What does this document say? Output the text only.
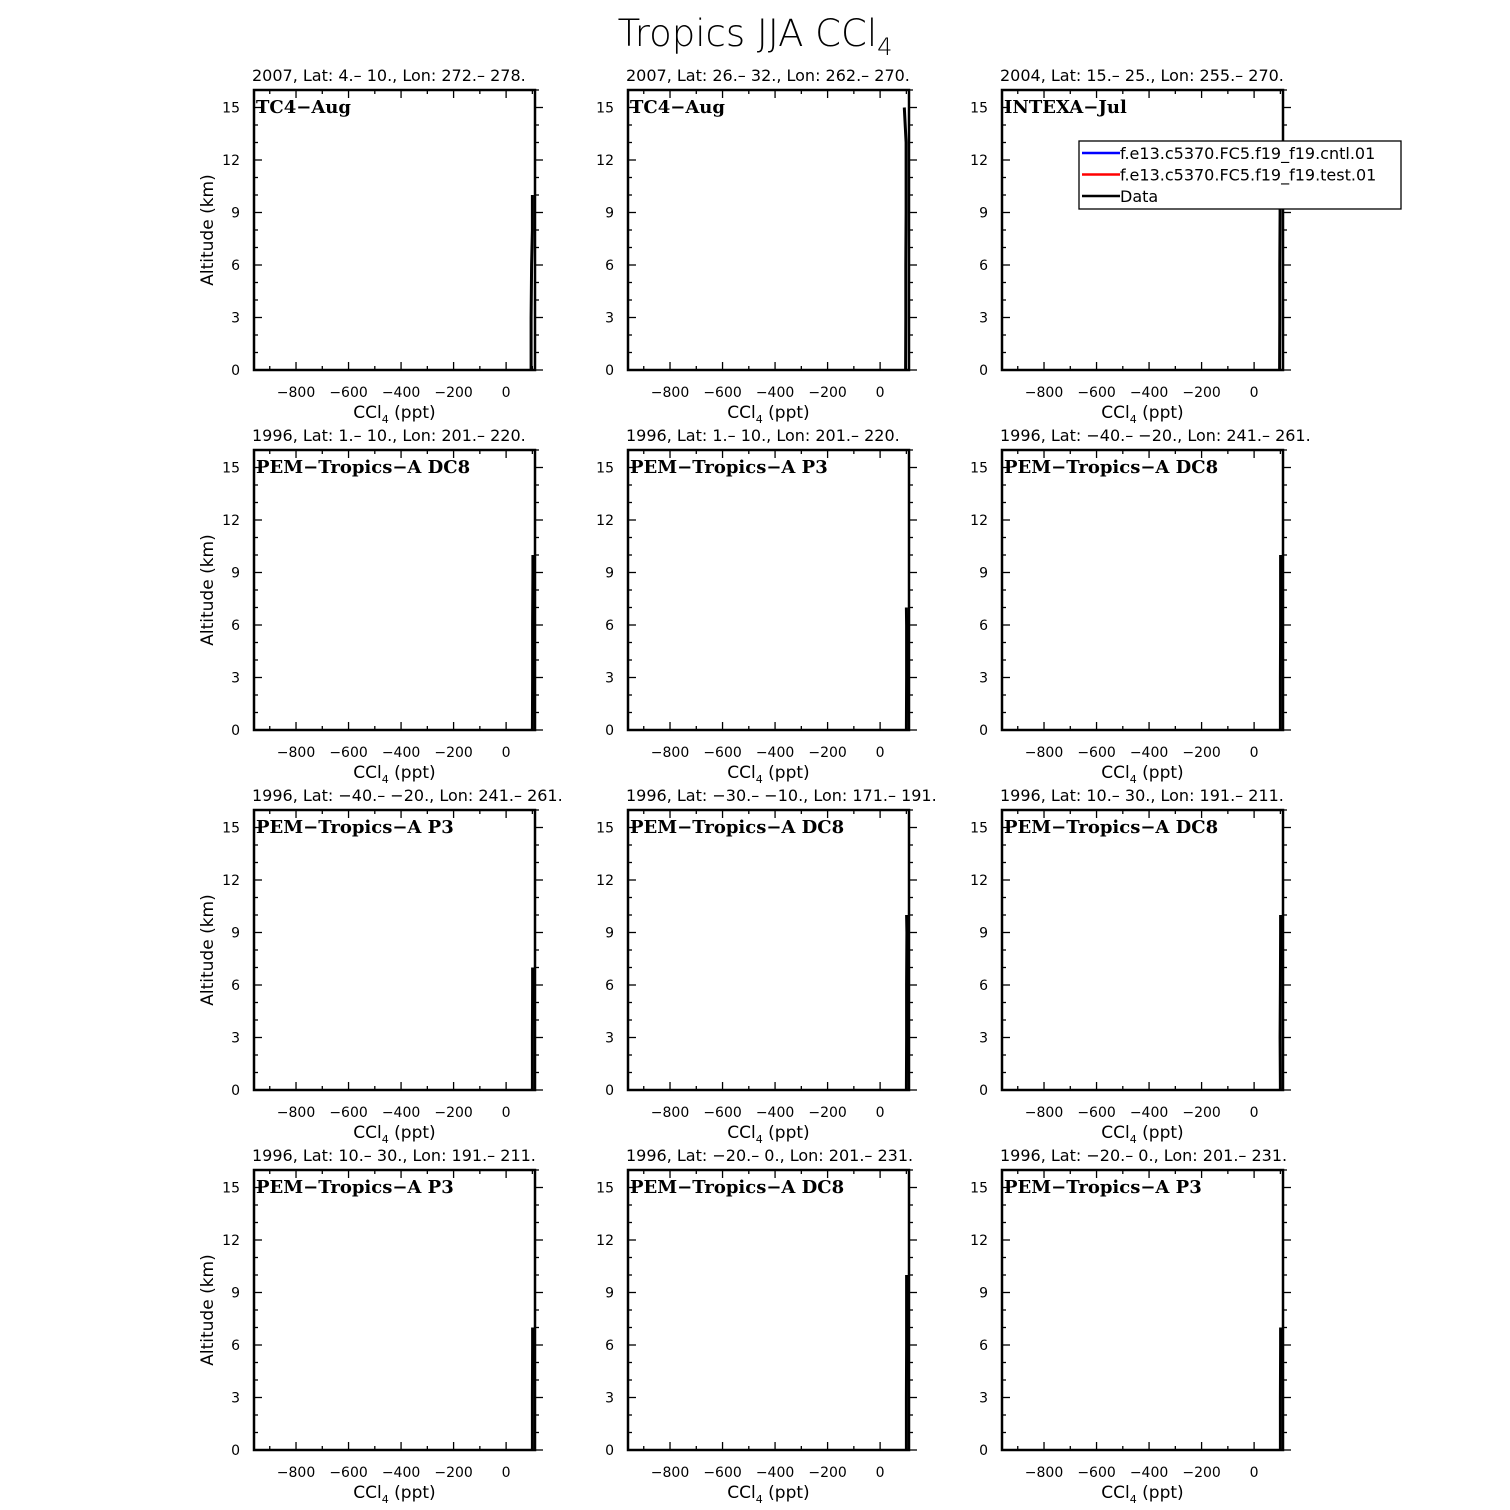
Tropics JJA CCl$_4$
2007, Lat: 4.– 10., Lon: 272.– 278.
TC4−Aug
−800 −600 −400 −200 0
0
3
6
9
12
15
CCl$_4$ (ppt)
Altitude (km)
2007, Lat: 26.– 32., Lon: 262.– 270.
TC4−Aug
−800 −600 −400 −200 0
0
3
6
9
12
15
CCl$_4$ (ppt)
2004, Lat: 15.– 25., Lon: 255.– 270.
INTEXA−Jul
−800 −600 −400 −200 0
0
3
6
9
12
15
CCl$_4$ (ppt)
1996, Lat: 1.– 10., Lon: 201.– 220.
PEM−Tropics−A DC8
−800 −600 −400 −200 0
0
3
6
9
12
15
CCl$_4$ (ppt)
Altitude (km)
1996, Lat: 1.– 10., Lon: 201.– 220.
PEM−Tropics−A P3
−800 −600 −400 −200 0
0
3
6
9
12
15
CCl$_4$ (ppt)
1996, Lat: −40.– −20., Lon: 241.– 261.
PEM−Tropics−A DC8
−800 −600 −400 −200 0
0
3
6
9
12
15
CCl$_4$ (ppt)
1996, Lat: −40.– −20., Lon: 241.– 261.
PEM−Tropics−A P3
−800 −600 −400 −200 0
0
3
6
9
12
15
CCl$_4$ (ppt)
Altitude (km)
1996, Lat: −30.– −10., Lon: 171.– 191.
PEM−Tropics−A DC8
−800 −600 −400 −200 0
0
3
6
9
12
15
CCl$_4$ (ppt)
1996, Lat: 10.– 30., Lon: 191.– 211.
PEM−Tropics−A DC8
−800 −600 −400 −200 0
0
3
6
9
12
15
CCl$_4$ (ppt)
1996, Lat: 10.– 30., Lon: 191.– 211.
PEM−Tropics−A P3
−800 −600 −400 −200 0
0
3
6
9
12
15
CCl$_4$ (ppt)
Altitude (km)
1996, Lat: −20.– 0., Lon: 201.– 231.
PEM−Tropics−A DC8
−800 −600 −400 −200 0
0
3
6
9
12
15
CCl$_4$ (ppt)
1996, Lat: −20.– 0., Lon: 201.– 231.
PEM−Tropics−A P3
−800 −600 −400 −200 0
0
3
6
9
12
15
CCl$_4$ (ppt)
f.e13.c5370.FC5.f19_f19.cntl.01
f.e13.c5370.FC5.f19_f19.test.01
Data
